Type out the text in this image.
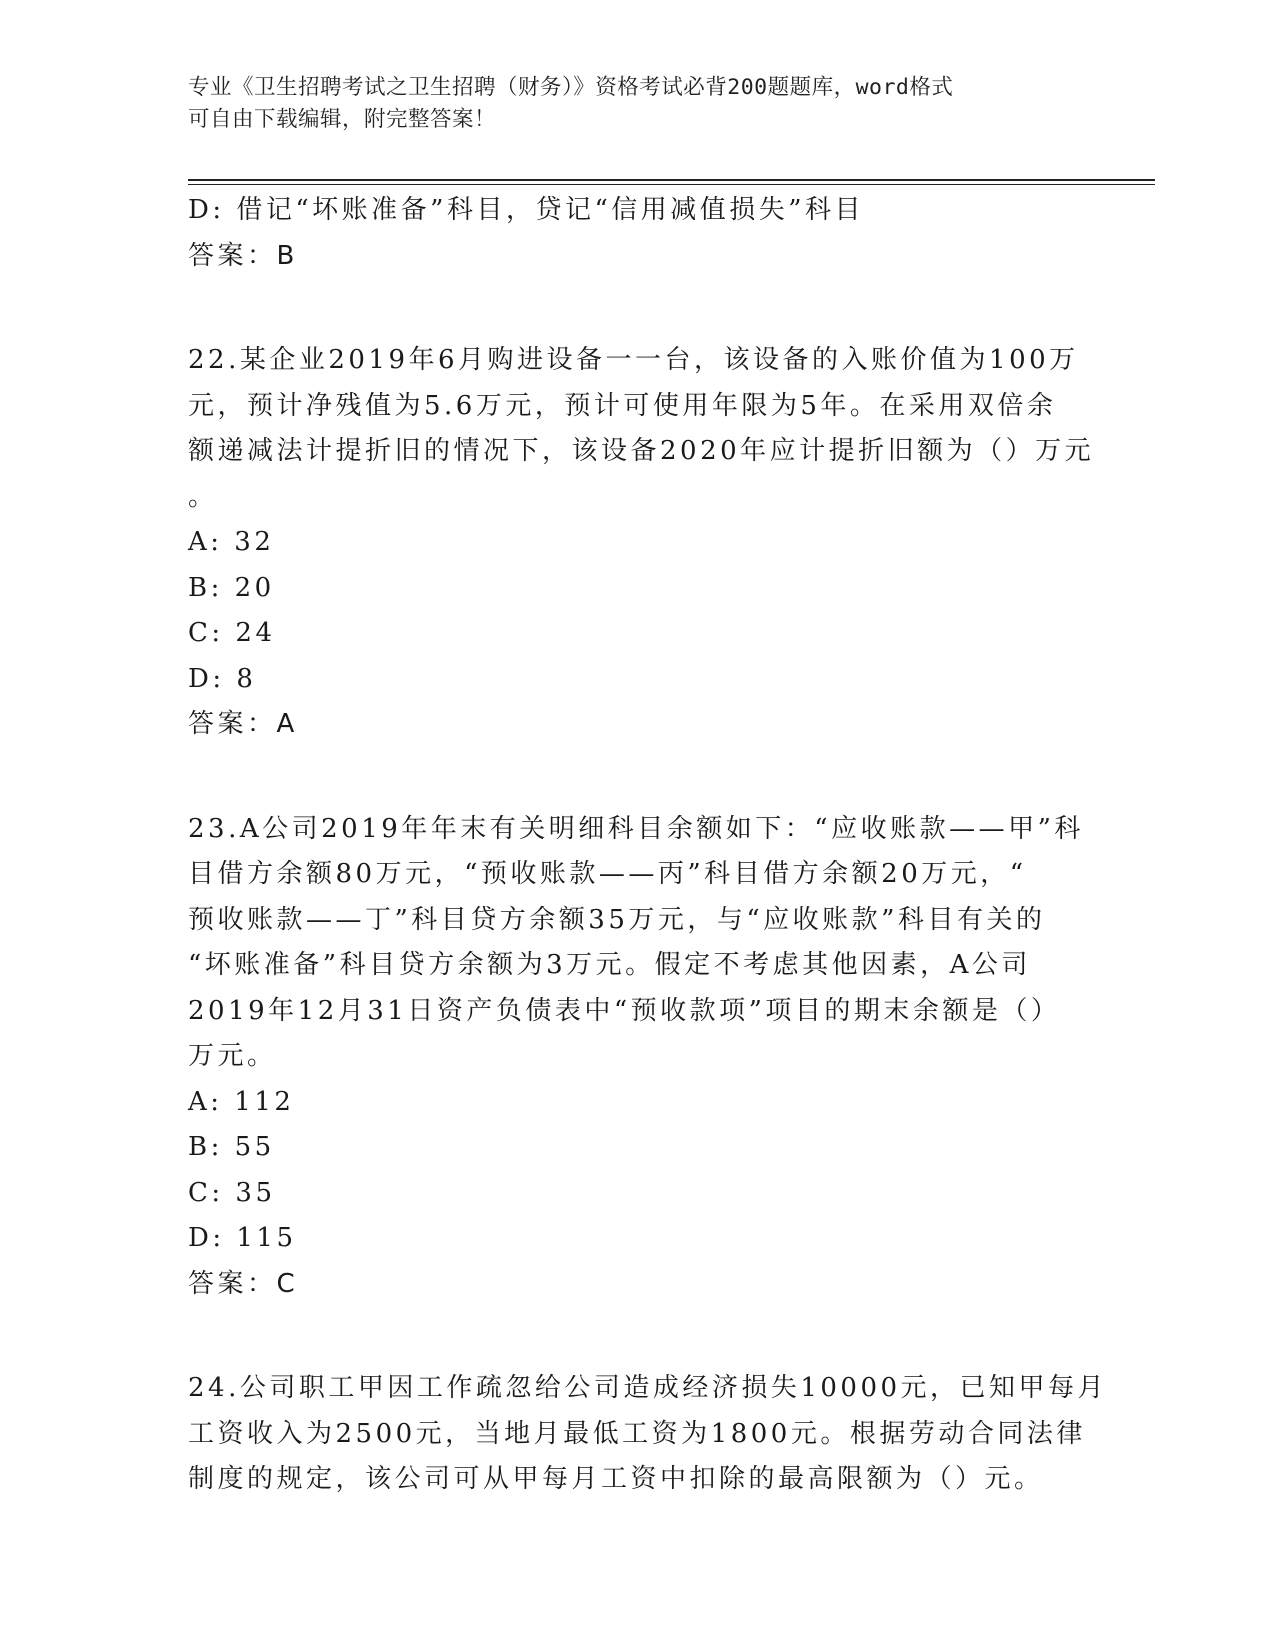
专业《卫生招聘考试之卫生招聘（财务）》资格考试必背200题题库，word格式
可自由下载编辑，附完整答案！
D: 借记“坏账准备”科目，贷记“信用减值损失”科目
答案：B
22.某企业2019年6月购进设备一一台，该设备的入账价值为100万
元，预计净残值为5.6万元，预计可使用年限为5年。在采用双倍余
额递减法计提折旧的情况下，该设备2020年应计提折旧额为（）万元
。
A: 32
B: 20
C: 24
D: 8
答案：A
23.A公司2019年年末有关明细科目余额如下：“应收账款——甲”科
目借方余额80万元，“预收账款——丙”科目借方余额20万元，“
预收账款——丁”科目贷方余额35万元，与“应收账款”科目有关的
“坏账准备”科目贷方余额为3万元。假定不考虑其他因素，A公司
2019年12月31日资产负债表中“预收款项”项目的期末余额是（）
万元。
A: 112
B: 55
C: 35
D: 115
答案：C
24.公司职工甲因工作疏忽给公司造成经济损失10000元，已知甲每月
工资收入为2500元，当地月最低工资为1800元。根据劳动合同法律
制度的规定，该公司可从甲每月工资中扣除的最高限额为（）元。
